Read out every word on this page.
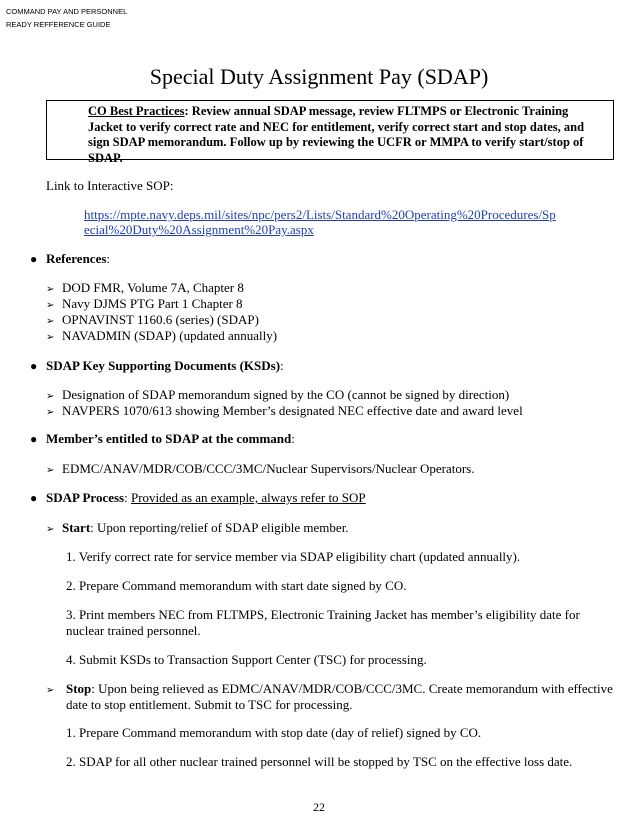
COMMAND PAY AND PERSONNEL
READY REFFERENCE GUIDE
Special Duty Assignment Pay (SDAP)
CO Best Practices: Review annual SDAP message, review FLTMPS or Electronic Training Jacket to verify correct rate and NEC for entitlement, verify correct start and stop dates, and sign SDAP memorandum. Follow up by reviewing the UCFR or MMPA to verify start/stop of SDAP.
Link to Interactive SOP:
https://mpte.navy.deps.mil/sites/npc/pers2/Lists/Standard%20Operating%20Procedures/Sp
ecial%20Duty%20Assignment%20Pay.aspx
● References:
➢ DOD FMR, Volume 7A, Chapter 8
➢ Navy DJMS PTG Part 1 Chapter 8
➢ OPNAVINST 1160.6 (series) (SDAP)
➢ NAVADMIN (SDAP) (updated annually)
● SDAP Key Supporting Documents (KSDs):
➢ Designation of SDAP memorandum signed by the CO (cannot be signed by direction)
➢ NAVPERS 1070/613 showing Member’s designated NEC effective date and award level
● Member’s entitled to SDAP at the command:
➢ EDMC/ANAV/MDR/COB/CCC/3MC/Nuclear Supervisors/Nuclear Operators.
● SDAP Process: Provided as an example, always refer to SOP
➢ Start: Upon reporting/relief of SDAP eligible member.
1. Verify correct rate for service member via SDAP eligibility chart (updated annually).
2. Prepare Command memorandum with start date signed by CO.
3. Print members NEC from FLTMPS, Electronic Training Jacket has member’s eligibility date for nuclear trained personnel.
4. Submit KSDs to Transaction Support Center (TSC) for processing.
➢ Stop: Upon being relieved as EDMC/ANAV/MDR/COB/CCC/3MC. Create memorandum with effective date to stop entitlement. Submit to TSC for processing.
1. Prepare Command memorandum with stop date (day of relief) signed by CO.
2. SDAP for all other nuclear trained personnel will be stopped by TSC on the effective loss date.
22
